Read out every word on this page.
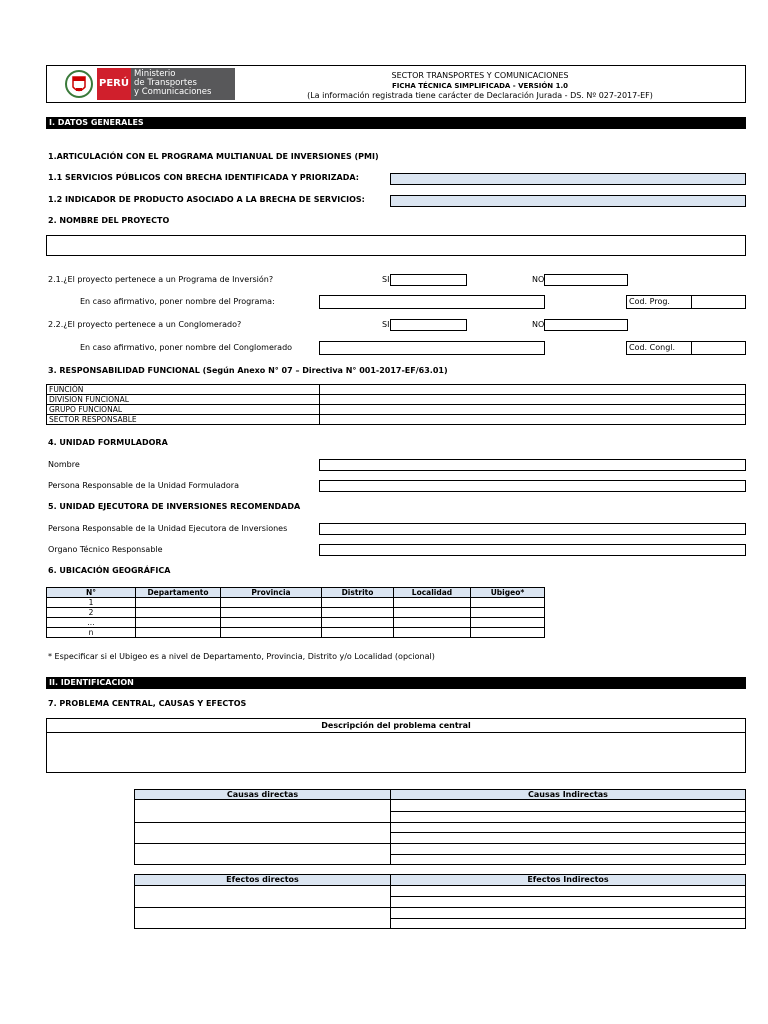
PERÚ
Ministerio
de Transportes
y Comunicaciones
SECTOR TRANSPORTES Y COMUNICACIONES
FICHA TÉCNICA SIMPLIFICADA - VERSIÓN 1.0
(La información registrada tiene carácter de Declaración Jurada - DS. Nº 027-2017-EF)
I. DATOS GENERALES
1.ARTICULACIÓN CON EL PROGRAMA MULTIANUAL DE INVERSIONES (PMI)
1.1 SERVICIOS PÚBLICOS CON BRECHA IDENTIFICADA Y PRIORIZADA:
1.2 INDICADOR DE PRODUCTO ASOCIADO A LA BRECHA DE SERVICIOS:
2. NOMBRE DEL PROYECTO
2.1.¿El proyecto pertenece a un Programa de Inversión?	SI	NO
En caso afirmativo, poner nombre del Programa:	Cod. Prog.
2.2.¿El proyecto pertenece a un Conglomerado?	SI	NO
En caso afirmativo, poner nombre del Conglomerado	Cod. Congl.
3. RESPONSABILIDAD FUNCIONAL (Según Anexo N° 07 – Directiva N° 001-2017-EF/63.01)
FUNCIÓN	
DIVISION FUNCIONAL	
GRUPO FUNCIONAL	
SECTOR RESPONSABLE	
4. UNIDAD FORMULADORA
Nombre
Persona Responsable de la Unidad Formuladora
5. UNIDAD EJECUTORA DE INVERSIONES RECOMENDADA
Persona Responsable de la Unidad Ejecutora de Inversiones
Organo Técnico Responsable
6. UBICACIÓN GEOGRÁFICA
N°	Departamento	Provincia	Distrito	Localidad	Ubigeo*
1					
2					
...					
n					
* Especificar si el Ubigeo es a nivel de Departamento, Provincia, Distrito y/o Localidad (opcional)
II. IDENTIFICACION
7. PROBLEMA CENTRAL, CAUSAS Y EFECTOS
Descripción del problema central
Causas directas	Causas Indirectas
Efectos directos	Efectos Indirectos
